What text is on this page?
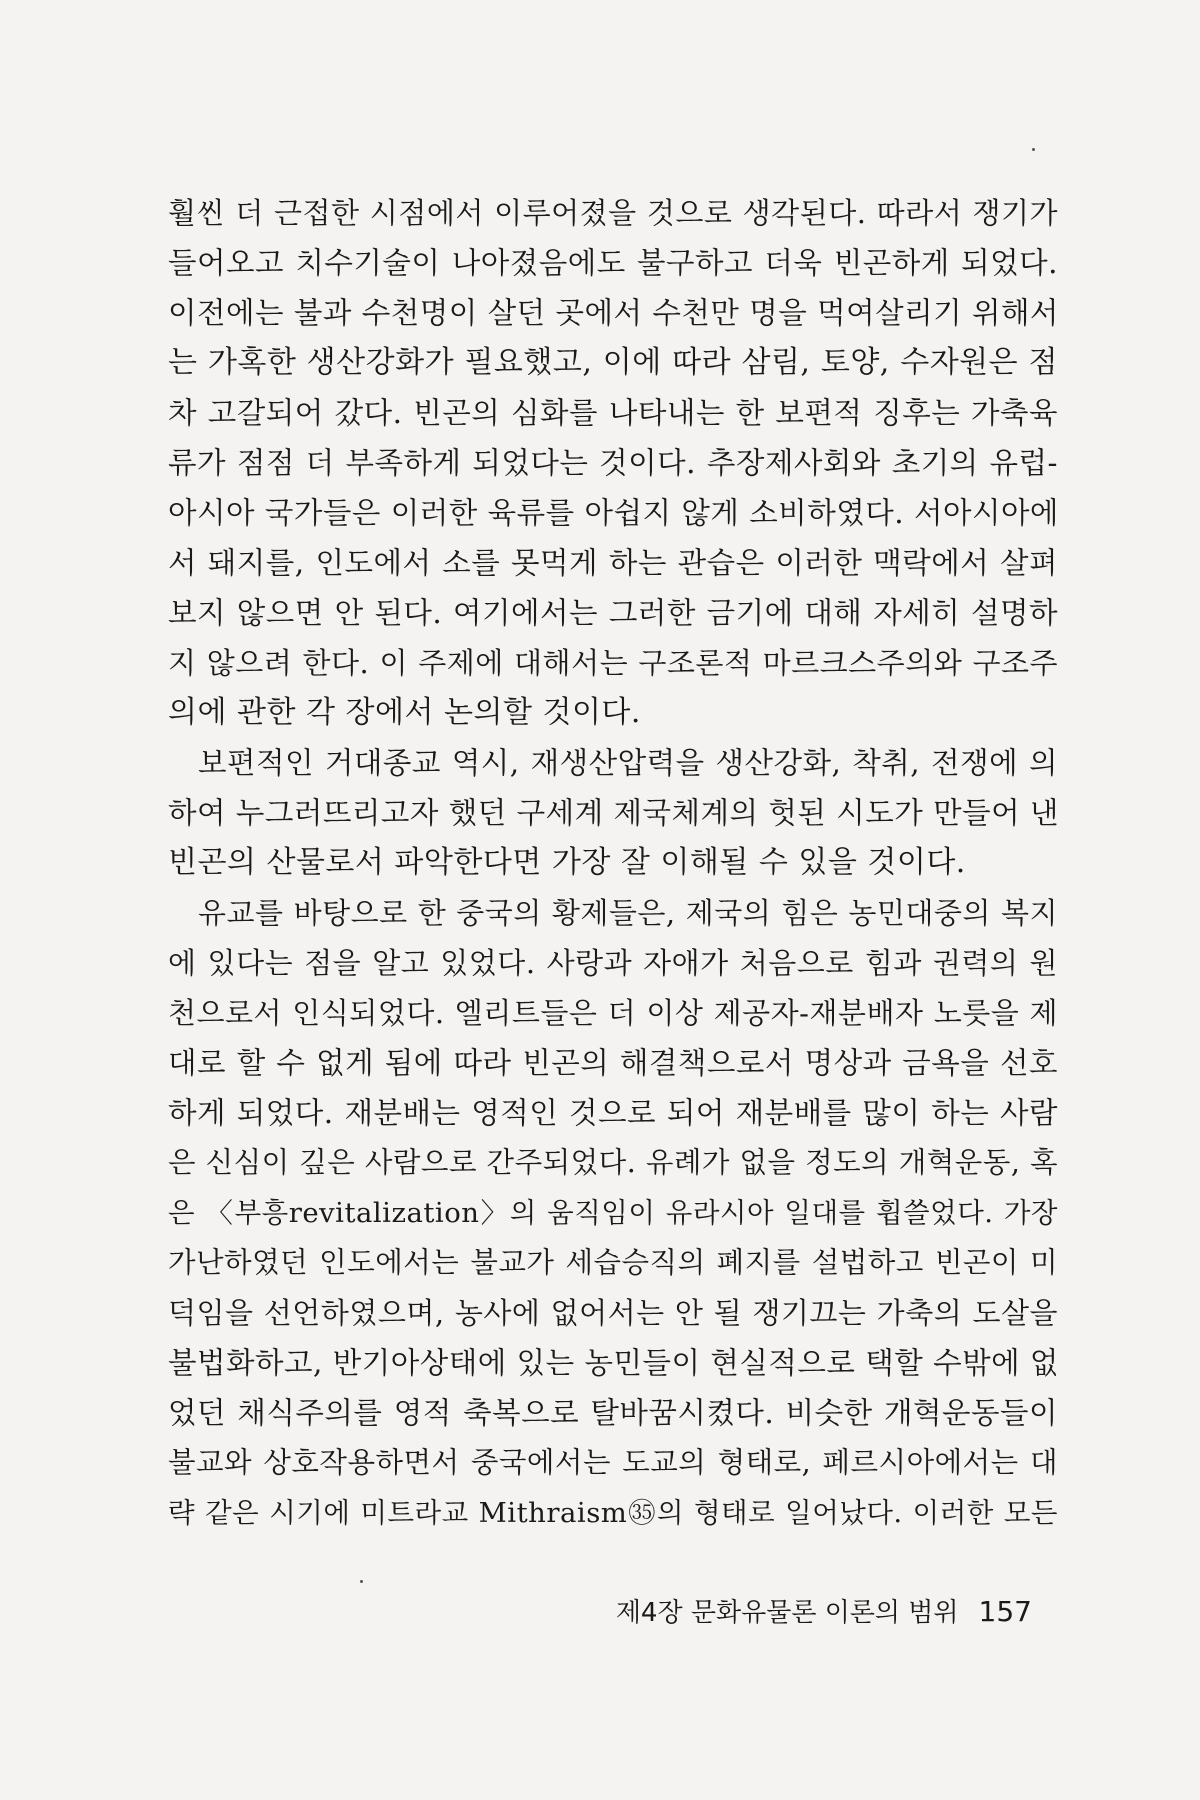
훨씬 더 근접한 시점에서 이루어졌을 것으로 생각된다. 따라서 쟁기가
들어오고 치수기술이 나아졌음에도 불구하고 더욱 빈곤하게 되었다.
이전에는 불과 수천명이 살던 곳에서 수천만 명을 먹여살리기 위해서
는 가혹한 생산강화가 필요했고, 이에 따라 삼림, 토양, 수자원은 점
차 고갈되어 갔다. 빈곤의 심화를 나타내는 한 보편적 징후는 가축육
류가 점점 더 부족하게 되었다는 것이다. 추장제사회와 초기의 유럽-
아시아 국가들은 이러한 육류를 아쉽지 않게 소비하였다. 서아시아에
서 돼지를, 인도에서 소를 못먹게 하는 관습은 이러한 맥락에서 살펴
보지 않으면 안 된다. 여기에서는 그러한 금기에 대해 자세히 설명하
지 않으려 한다. 이 주제에 대해서는 구조론적 마르크스주의와 구조주
의에 관한 각 장에서 논의할 것이다.
보편적인 거대종교 역시, 재생산압력을 생산강화, 착취, 전쟁에 의
하여 누그러뜨리고자 했던 구세계 제국체계의 헛된 시도가 만들어 낸
빈곤의 산물로서 파악한다면 가장 잘 이해될 수 있을 것이다.
유교를 바탕으로 한 중국의 황제들은, 제국의 힘은 농민대중의 복지
에 있다는 점을 알고 있었다. 사랑과 자애가 처음으로 힘과 권력의 원
천으로서 인식되었다. 엘리트들은 더 이상 제공자-재분배자 노릇을 제
대로 할 수 없게 됨에 따라 빈곤의 해결책으로서 명상과 금욕을 선호
하게 되었다. 재분배는 영적인 것으로 되어 재분배를 많이 하는 사람
은 신심이 깊은 사람으로 간주되었다. 유례가 없을 정도의 개혁운동, 혹
은 〈부흥revitalization〉의 움직임이 유라시아 일대를 휩쓸었다. 가장
가난하였던 인도에서는 불교가 세습승직의 폐지를 설법하고 빈곤이 미
덕임을 선언하였으며, 농사에 없어서는 안 될 쟁기끄는 가축의 도살을
불법화하고, 반기아상태에 있는 농민들이 현실적으로 택할 수밖에 없
었던 채식주의를 영적 축복으로 탈바꿈시켰다. 비슷한 개혁운동들이
불교와 상호작용하면서 중국에서는 도교의 형태로, 페르시아에서는 대
략 같은 시기에 미트라교 Mithraism㉟의 형태로 일어났다. 이러한 모든
제4장 문화유물론 이론의 범위 157
